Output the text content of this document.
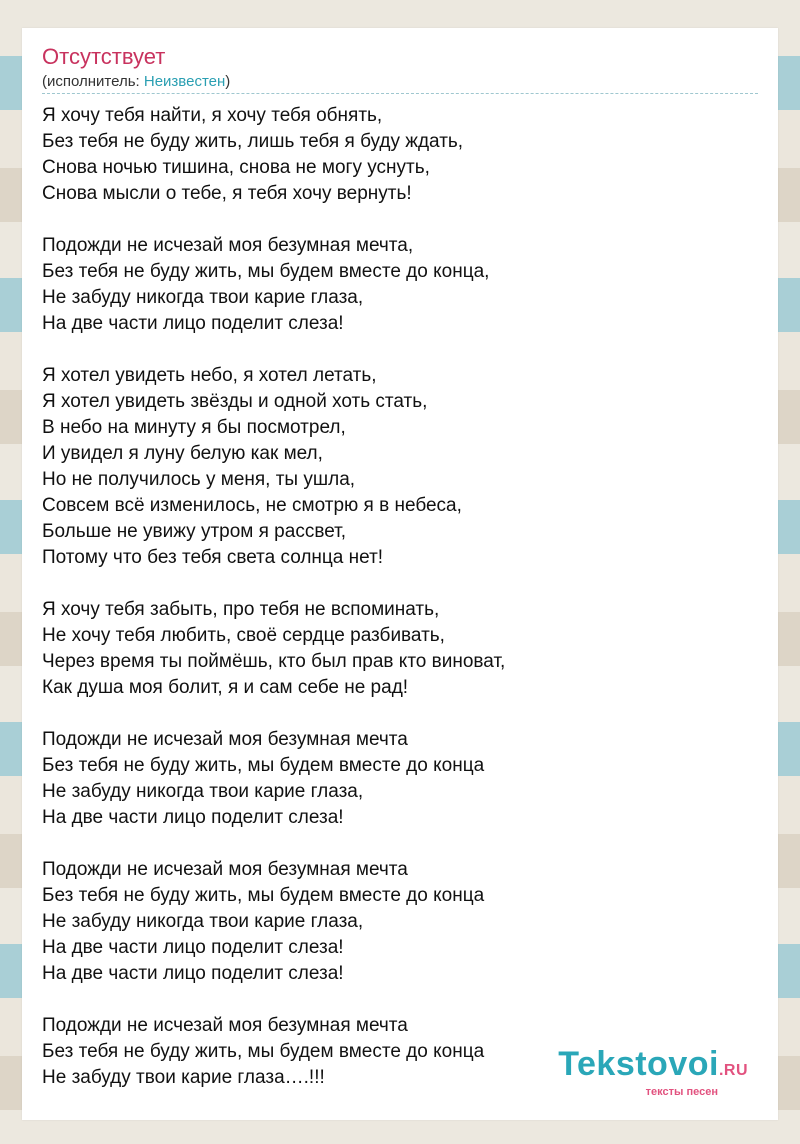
Отсутствует
(исполнитель: Неизвестен)
Я хочу тебя найти, я хочу тебя обнять,
Без тебя не буду жить, лишь тебя я буду ждать,
Снова ночью тишина, снова не могу уснуть,
Снова мысли о тебе, я тебя хочу вернуть!
Подожди не исчезай моя безумная мечта,
Без тебя не буду жить, мы будем вместе до конца,
Не забуду никогда твои карие глаза,
На две части лицо поделит слеза!
Я хотел увидеть небо, я хотел летать,
Я хотел увидеть звёзды и одной хоть стать,
В небо на минуту я бы посмотрел,
И увидел я луну белую как мел,
Но не получилось у меня, ты ушла,
Совсем всё изменилось, не смотрю я в небеса,
Больше не увижу утром я рассвет,
Потому что без тебя света солнца нет!
Я хочу тебя забыть, про тебя не вспоминать,
Не хочу тебя любить, своё сердце разбивать,
Через время ты поймёшь, кто был прав кто виноват,
Как душа моя болит, я и сам себе не рад!
Подожди не исчезай моя безумная мечта
Без тебя не буду жить, мы будем вместе до конца
Не забуду никогда твои карие глаза,
На две части лицо поделит слеза!
Подожди не исчезай моя безумная мечта
Без тебя не буду жить, мы будем вместе до конца
Не забуду никогда твои карие глаза,
На две части лицо поделит слеза!
На две части лицо поделит слеза!
Подожди не исчезай моя безумная мечта
Без тебя не буду жить, мы будем вместе до конца
Не забуду твои карие глаза….!!!	Tekstovoi.RU
тексты песен
